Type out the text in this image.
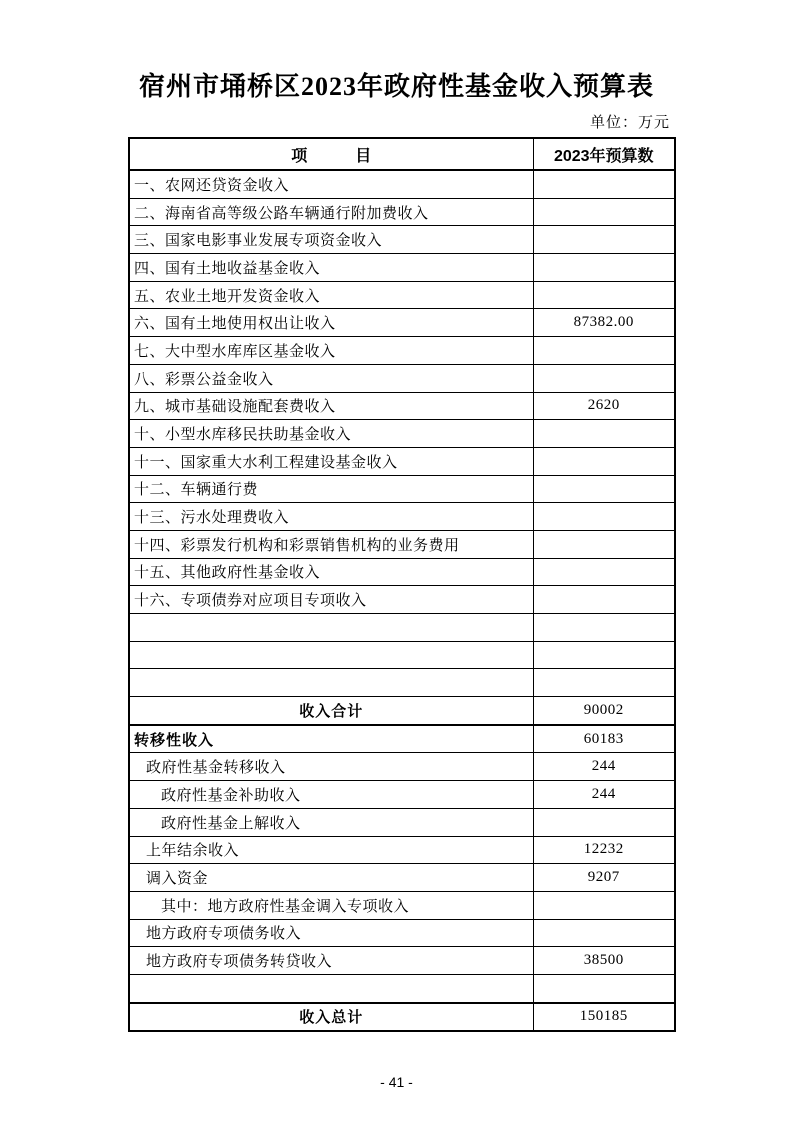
宿州市埇桥区2023年政府性基金收入预算表
单位：万元
项　　　目	2023年预算数
一、农网还贷资金收入	
二、海南省高等级公路车辆通行附加费收入	
三、国家电影事业发展专项资金收入	
四、国有土地收益基金收入	
五、农业土地开发资金收入	
六、国有土地使用权出让收入	87382.00
七、大中型水库库区基金收入	
八、彩票公益金收入	
九、城市基础设施配套费收入	2620
十、小型水库移民扶助基金收入	
十一、国家重大水利工程建设基金收入	
十二、车辆通行费	
十三、污水处理费收入	
十四、彩票发行机构和彩票销售机构的业务费用	
十五、其他政府性基金收入	
十六、专项债券对应项目专项收入	

收入合计	90002
转移性收入	60183
政府性基金转移收入	244
政府性基金补助收入	244
政府性基金上解收入	
上年结余收入	12232
调入资金	9207
其中：地方政府性基金调入专项收入	
地方政府专项债务收入	
地方政府专项债务转贷收入	38500

收入总计	150185
- 41 -
